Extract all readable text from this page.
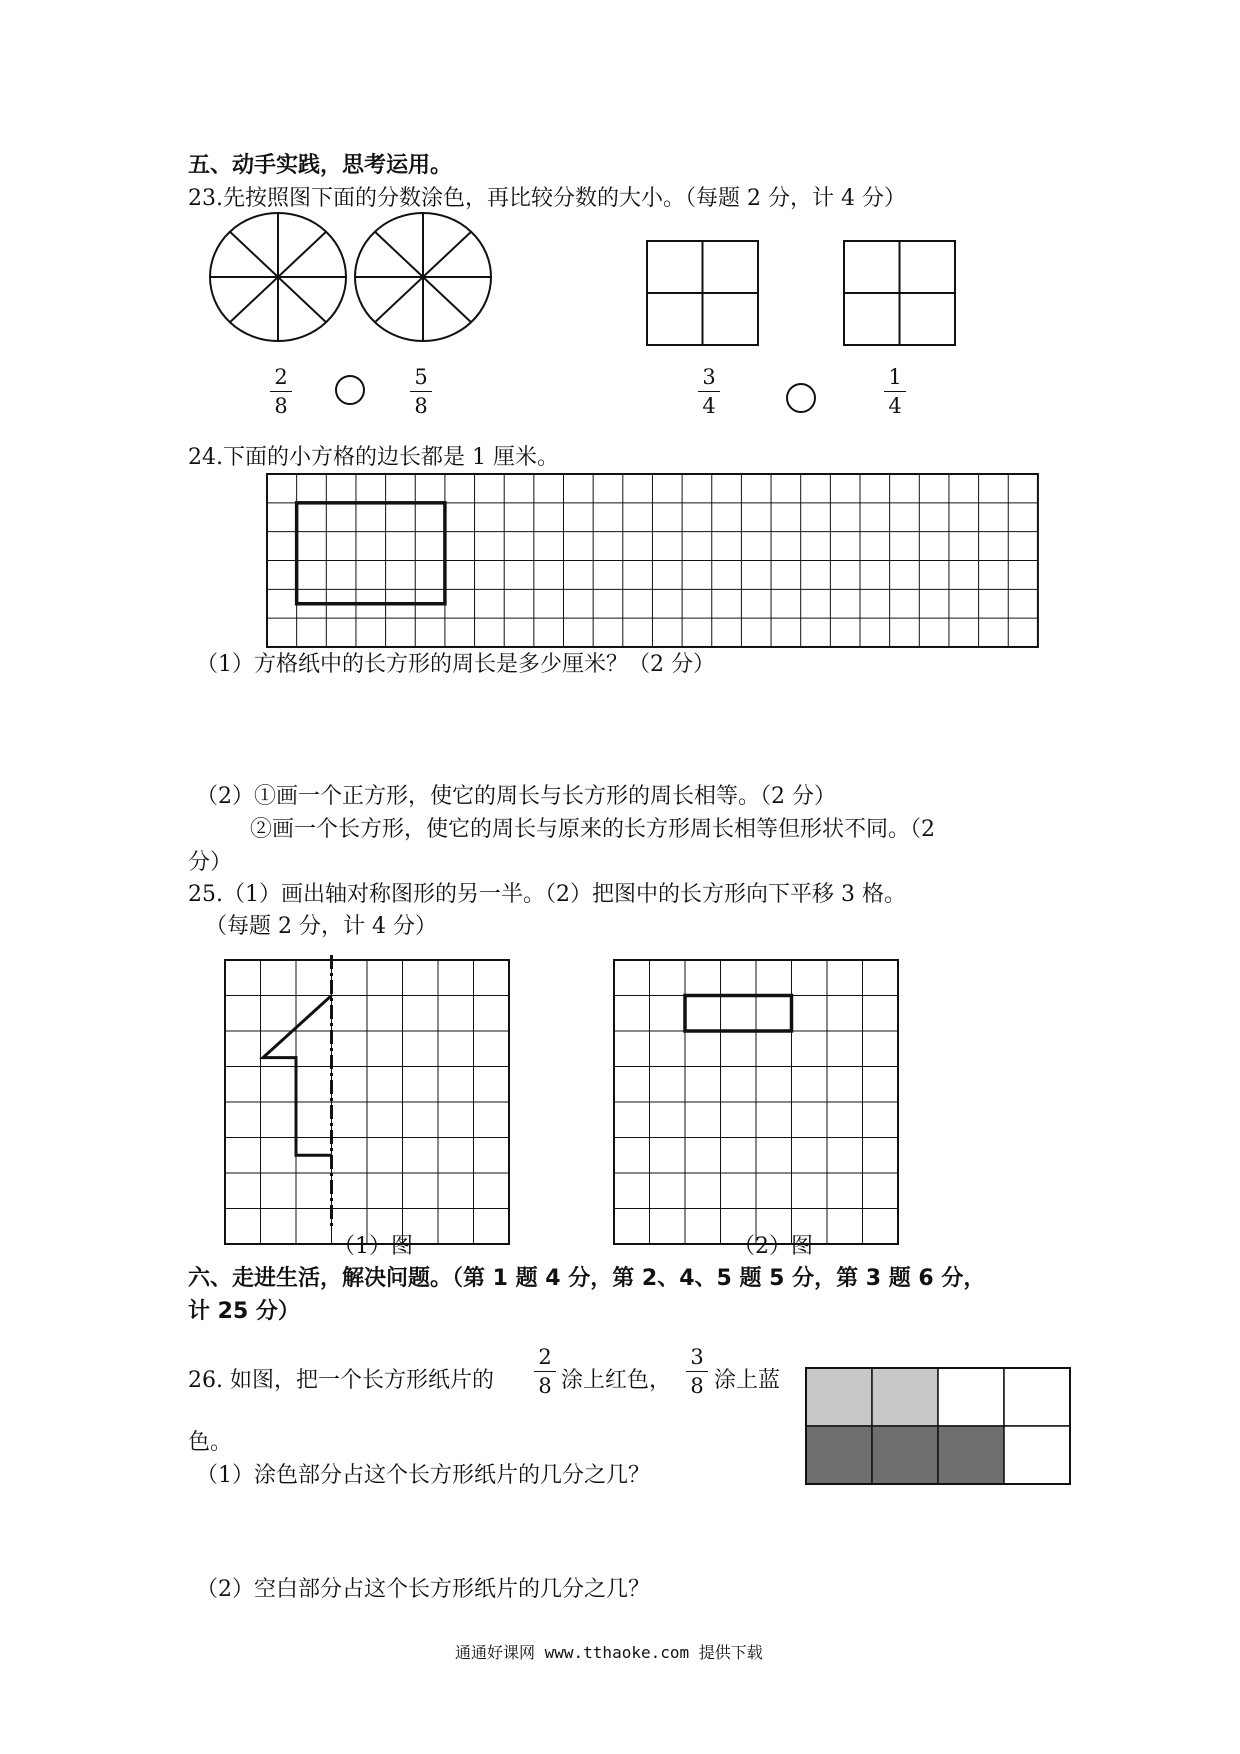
五、动手实践，思考运用。
23.先按照图下面的分数涂色，再比较分数的大小。（每题 2 分，计 4 分）
2
8
5
8
3
4
1
4
24.下面的小方格的边长都是 1 厘米。
（1）方格纸中的长方形的周长是多少厘米？（2 分）
（2）①画一个正方形，使它的周长与长方形的周长相等。（2 分）
②画一个长方形，使它的周长与原来的长方形周长相等但形状不同。（2
分）
25.（1）画出轴对称图形的另一半。（2）把图中的长方形向下平移 3 格。
（每题 2 分，计 4 分）
（1）图	（2）图
六、走进生活，解决问题。（第 1 题 4 分，第 2、4、5 题 5 分，第 3 题 6 分，
计 25 分）
26. 如图，把一个长方形纸片的
2
8 涂上红色，
3
8 涂上蓝
色。
（1）涂色部分占这个长方形纸片的几分之几？
（2）空白部分占这个长方形纸片的几分之几？
通通好课网 www.tthaoke.com 提供下载
